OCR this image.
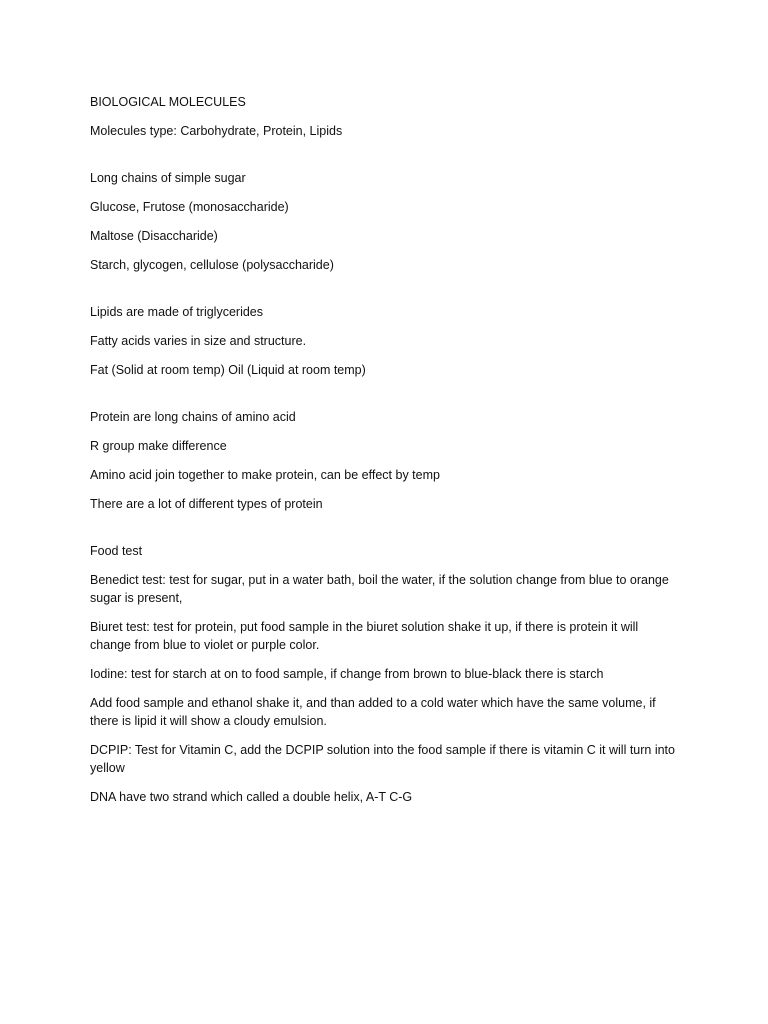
BIOLOGICAL MOLECULES

Molecules type: Carbohydrate, Protein, Lipids

Long chains of simple sugar

Glucose, Frutose (monosaccharide)

Maltose (Disaccharide)

Starch, glycogen, cellulose (polysaccharide)

Lipids are made of triglycerides

Fatty acids varies in size and structure.

Fat (Solid at room temp) Oil (Liquid at room temp)

Protein are long chains of amino acid

R group make difference

Amino acid join together to make protein, can be effect by temp

There are a lot of different types of protein

Food test

Benedict test: test for sugar, put in a water bath, boil the water, if the solution change from blue to orange sugar is present,

Biuret test: test for protein, put food sample in the biuret solution shake it up, if there is protein it will change from blue to violet or purple color.

Iodine: test for starch at on to food sample, if change from brown to blue-black there is starch

Add food sample and ethanol shake it, and than added to a cold water which have the same volume, if there is lipid it will show a cloudy emulsion.

DCPIP: Test for Vitamin C, add the DCPIP solution into the food sample if there is vitamin C it will turn into yellow

DNA have two strand which called a double helix, A-T C-G
